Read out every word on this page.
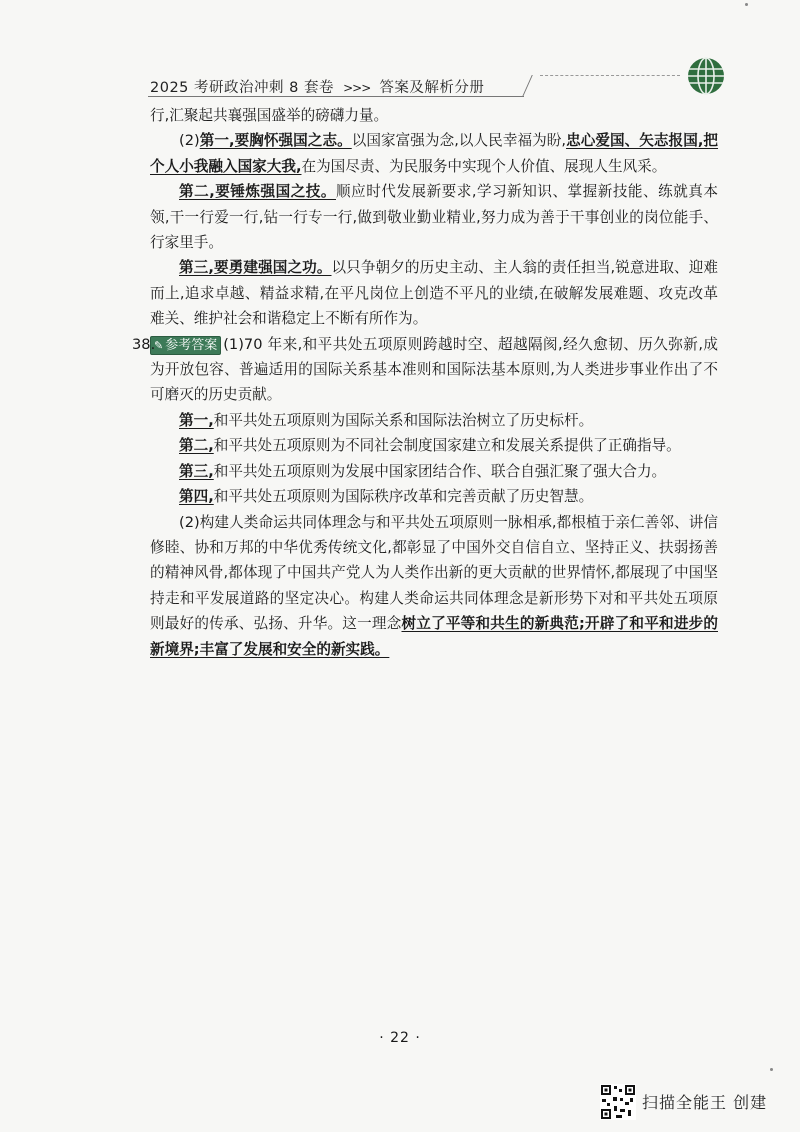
2025 考研政治冲刺 8 套卷 >>> 答案及解析分册

行,汇聚起共襄强国盛举的磅礴力量。

(2)第一,要胸怀强国之志。以国家富强为念,以人民幸福为盼,忠心爱国、矢志报国,把个人小我融入国家大我,在为国尽责、为民服务中实现个人价值、展现人生风采。

第二,要锤炼强国之技。顺应时代发展新要求,学习新知识、掌握新技能、练就真本领,干一行爱一行,钻一行专一行,做到敬业勤业精业,努力成为善于干事创业的岗位能手、行家里手。

第三,要勇建强国之功。以只争朝夕的历史主动、主人翁的责任担当,锐意进取、迎难而上,追求卓越、精益求精,在平凡岗位上创造不平凡的业绩,在破解发展难题、攻克改革难关、维护社会和谐稳定上不断有所作为。

38.
✎ 参考答案 (1)70 年来,和平共处五项原则跨越时空、超越隔阂,经久愈韧、历久弥新,成为开放包容、普遍适用的国际关系基本准则和国际法基本原则,为人类进步事业作出了不可磨灭的历史贡献。

第一,和平共处五项原则为国际关系和国际法治树立了历史标杆。

第二,和平共处五项原则为不同社会制度国家建立和发展关系提供了正确指导。

第三,和平共处五项原则为发展中国家团结合作、联合自强汇聚了强大合力。

第四,和平共处五项原则为国际秩序改革和完善贡献了历史智慧。

(2)构建人类命运共同体理念与和平共处五项原则一脉相承,都根植于亲仁善邻、讲信修睦、协和万邦的中华优秀传统文化,都彰显了中国外交自信自立、坚持正义、扶弱扬善的精神风骨,都体现了中国共产党人为人类作出新的更大贡献的世界情怀,都展现了中国坚持走和平发展道路的坚定决心。构建人类命运共同体理念是新形势下对和平共处五项原则最好的传承、弘扬、升华。这一理念树立了平等和共生的新典范;开辟了和平和进步的新境界;丰富了发展和安全的新实践。

· 22 ·
扫描全能王 创建
